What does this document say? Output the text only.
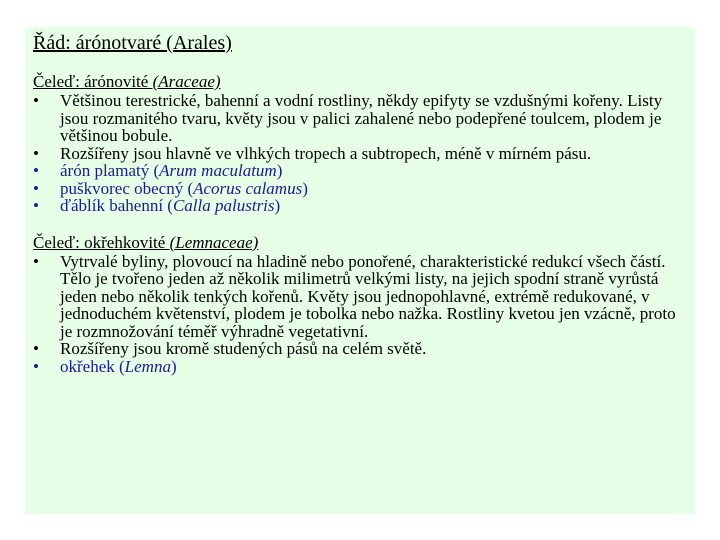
Řád: árónotvaré (Arales)
Čeleď: árónovité (Araceae)
• Většinou terestrické, bahenní a vodní rostliny, někdy epifyty se vzdušnými kořeny. Listy jsou rozmanitého tvaru, květy jsou v palici zahalené nebo podepřené toulcem, plodem je většinou bobule.
• Rozšířeny jsou hlavně ve vlhkých tropech a subtropech, méně v mírném pásu.
• árón plamatý (Arum maculatum)
• puškvorec obecný (Acorus calamus)
• ďáblík bahenní (Calla palustris)
Čeleď: okřehkovité (Lemnaceae)
• Vytrvalé byliny, plovoucí na hladině nebo ponořené, charakteristické redukcí všech částí. Tělo je tvořeno jeden až několik milimetrů velkými listy, na jejich spodní straně vyrůstá jeden nebo několik tenkých kořenů. Květy jsou jednopohlavné, extrémě redukované, v jednoduchém květenství, plodem je tobolka nebo nažka. Rostliny kvetou jen vzácně, proto je rozmnožování téměř výhradně vegetativní.
• Rozšířeny jsou kromě studených pásů na celém světě.
• okřehek (Lemna)
